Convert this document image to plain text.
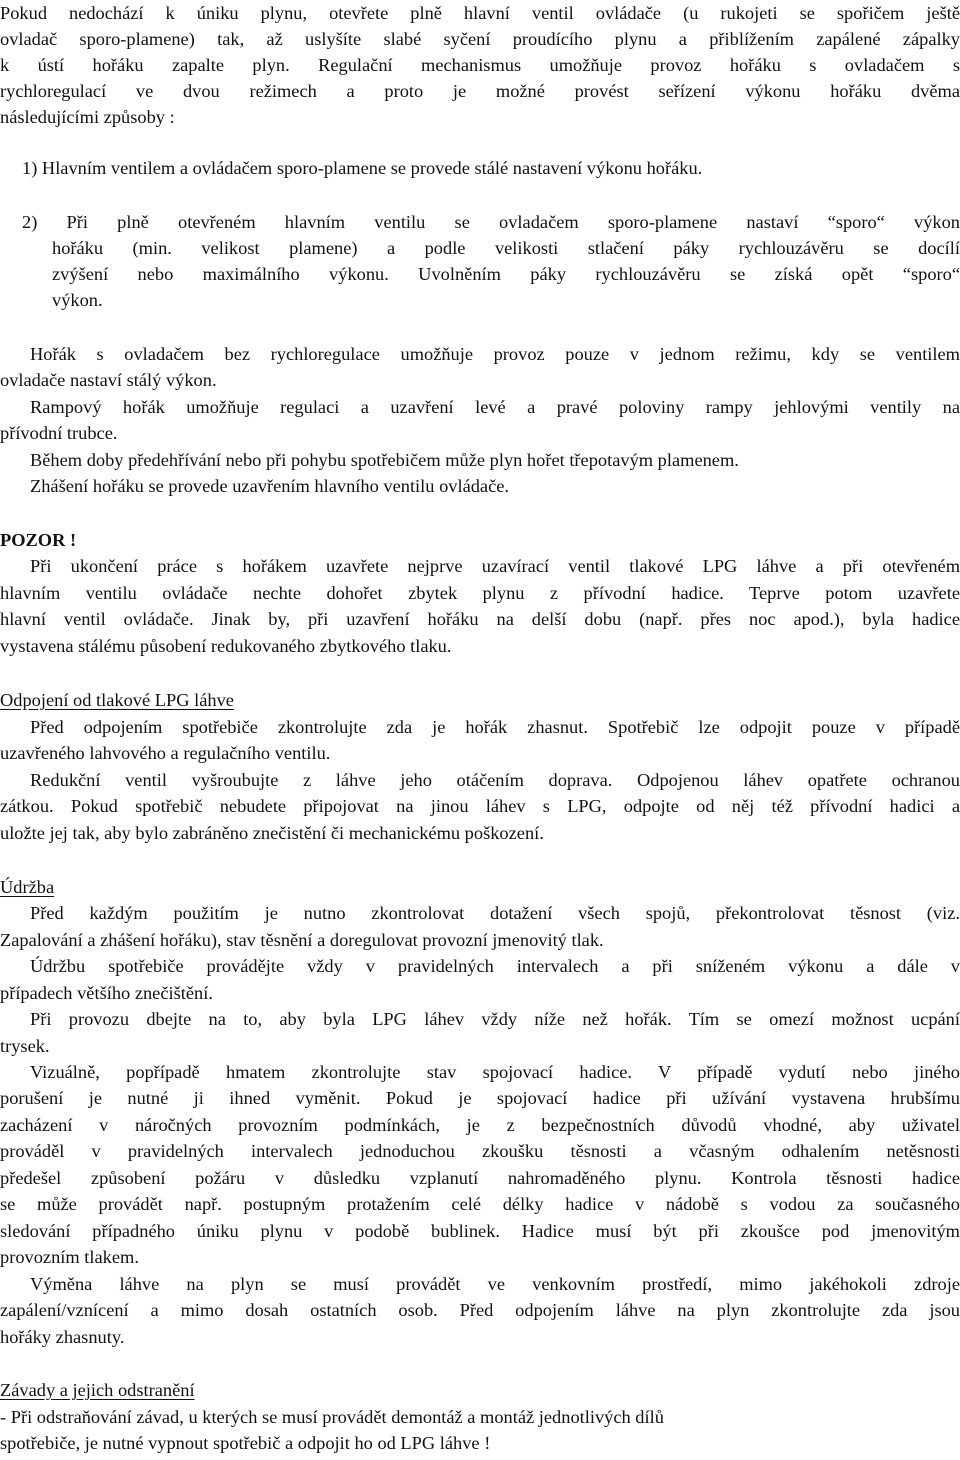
Pokud nedochází k úniku plynu, otevřete plně hlavní ventil ovládače (u rukojeti se spořičem ještě
ovladač sporo-plamene) tak, až uslyšíte slabé syčení proudícího plynu a přiblížením zapálené zápalky
k ústí hořáku zapalte plyn. Regulační mechanismus umožňuje provoz hořáku s ovladačem s
rychloregulací ve dvou režimech a proto je možné provést seřízení výkonu hořáku dvěma
následujícími způsoby :
1) Hlavním ventilem a ovládačem sporo-plamene se provede stálé nastavení výkonu hořáku.
2) Při plně otevřeném hlavním ventilu se ovladačem sporo-plamene nastaví “sporo“ výkon
hořáku (min. velikost plamene) a podle velikosti stlačení páky rychlouzávěru se docílí
zvýšení nebo maximálního výkonu. Uvolněním páky rychlouzávěru se získá opět “sporo“
výkon.
Hořák s ovladačem bez rychloregulace umožňuje provoz pouze v jednom režimu, kdy se ventilem
ovladače nastaví stálý výkon.
Rampový hořák umožňuje regulaci a uzavření levé a pravé poloviny rampy jehlovými ventily na
přívodní trubce.
Během doby předehřívání nebo při pohybu spotřebičem může plyn hořet třepotavým plamenem.
Zhášení hořáku se provede uzavřením hlavního ventilu ovládače.
POZOR !
Při ukončení práce s hořákem uzavřete nejprve uzavírací ventil tlakové LPG láhve a při otevřeném
hlavním ventilu ovládače nechte dohořet zbytek plynu z přívodní hadice. Teprve potom uzavřete
hlavní ventil ovládače. Jinak by, při uzavření hořáku na delší dobu (např. přes noc apod.), byla hadice
vystavena stálému působení redukovaného zbytkového tlaku.
Odpojení od tlakové LPG láhve
Před odpojením spotřebiče zkontrolujte zda je hořák zhasnut. Spotřebič lze odpojit pouze v případě
uzavřeného lahvového a regulačního ventilu.
Redukční ventil vyšroubujte z láhve jeho otáčením doprava. Odpojenou láhev opatřete ochranou
zátkou. Pokud spotřebič nebudete připojovat na jinou láhev s LPG, odpojte od něj též přívodní hadici a
uložte jej tak, aby bylo zabráněno znečistění či mechanickému poškození.
Údržba
Před každým použitím je nutno zkontrolovat dotažení všech spojů, překontrolovat těsnost (viz.
Zapalování a zhášení hořáku), stav těsnění a doregulovat provozní jmenovitý tlak.
Údržbu spotřebiče provádějte vždy v pravidelných intervalech a při sníženém výkonu a dále v
případech většího znečištění.
Při provozu dbejte na to, aby byla LPG láhev vždy níže než hořák. Tím se omezí možnost ucpání
trysek.
Vizuálně, popřípadě hmatem zkontrolujte stav spojovací hadice. V případě vydutí nebo jiného
porušení je nutné ji ihned vyměnit. Pokud je spojovací hadice při užívání vystavena hrubšímu
zacházení v náročných provozním podmínkách, je z bezpečnostních důvodů vhodné, aby uživatel
prováděl v pravidelných intervalech jednoduchou zkoušku těsnosti a včasným odhalením netěsnosti
předešel způsobení požáru v důsledku vzplanutí nahromaděného plynu. Kontrola těsnosti hadice
se může provádět např. postupným protažením celé délky hadice v nádobě s vodou za současného
sledování případného úniku plynu v podobě bublinek. Hadice musí být při zkoušce pod jmenovitým
provozním tlakem.
Výměna láhve na plyn se musí provádět ve venkovním prostředí, mimo jakéhokoli zdroje
zapálení/vznícení a mimo dosah ostatních osob. Před odpojením láhve na plyn zkontrolujte zda jsou
hořáky zhasnuty.
Závady a jejich odstranění
- Při odstraňování závad, u kterých se musí provádět demontáž a montáž jednotlivých dílů
spotřebiče, je nutné vypnout spotřebič a odpojit ho od LPG láhve !
